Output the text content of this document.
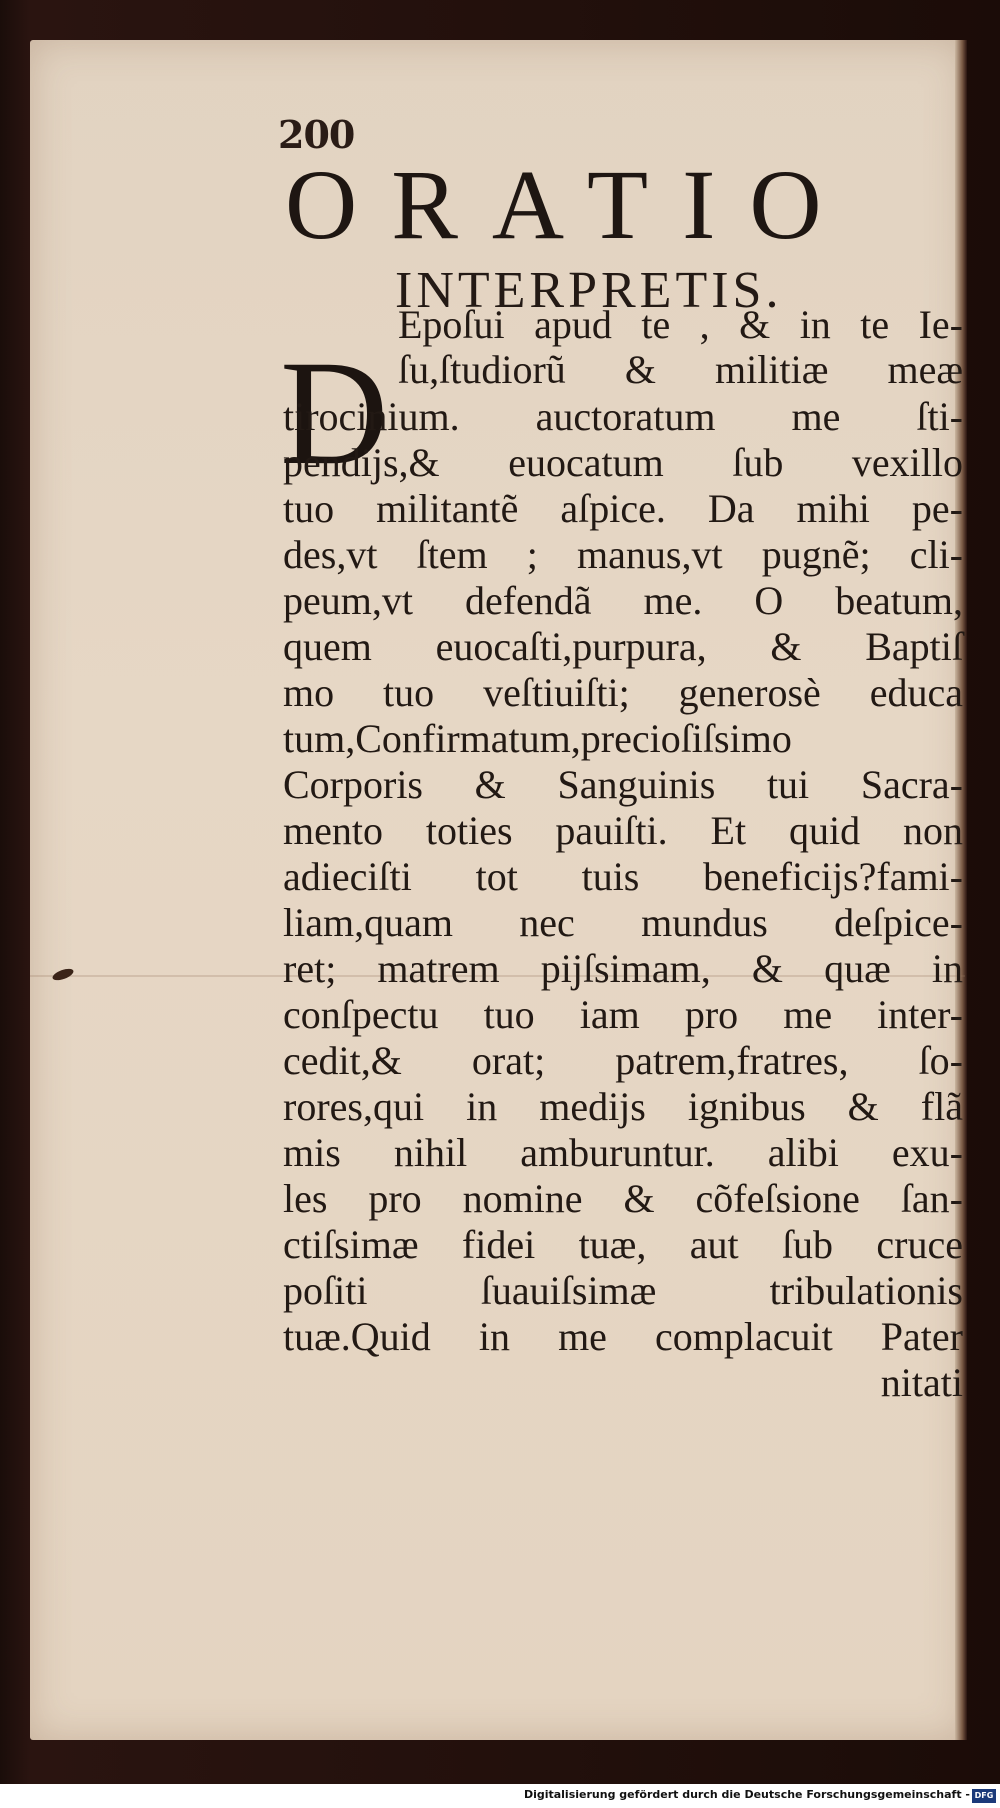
200
ORATIO
INTERPRETIS.
D
Epoſui apud te , & in te Ie-
ſu,ſtudiorũ & militiæ meæ
tirocinium. auctoratum me ſti-
pendijs,& euocatum ſub vexillo
tuo militantẽ aſpice. Da mihi pe-
des,vt ſtem ; manus,vt pugnẽ; cli-
peum,vt defendã me. O beatum,
quem euocaſti,purpura, & Baptiſ
mo tuo veſtiuiſti; generosè educa
tum,Confirmatum,precioſiſsimo
Corporis & Sanguinis tui Sacra-
mento toties pauiſti. Et quid non
adieciſti tot tuis beneficijs?fami-
liam,quam nec mundus deſpice-
ret; matrem pijſsimam, & quæ in
conſpectu tuo iam pro me inter-
cedit,& orat; patrem,fratres, ſo-
rores,qui in medijs ignibus & flã
mis nihil amburuntur. alibi exu-
les pro nomine & cõfeſsione ſan-
ctiſsimæ fidei tuæ, aut ſub cruce
poſiti ſuauiſsimæ tribulationis
tuæ.Quid in me complacuit Pater
nitati
Digitalisierung gefördert durch die Deutsche Forschungsgemeinschaft - DFG
